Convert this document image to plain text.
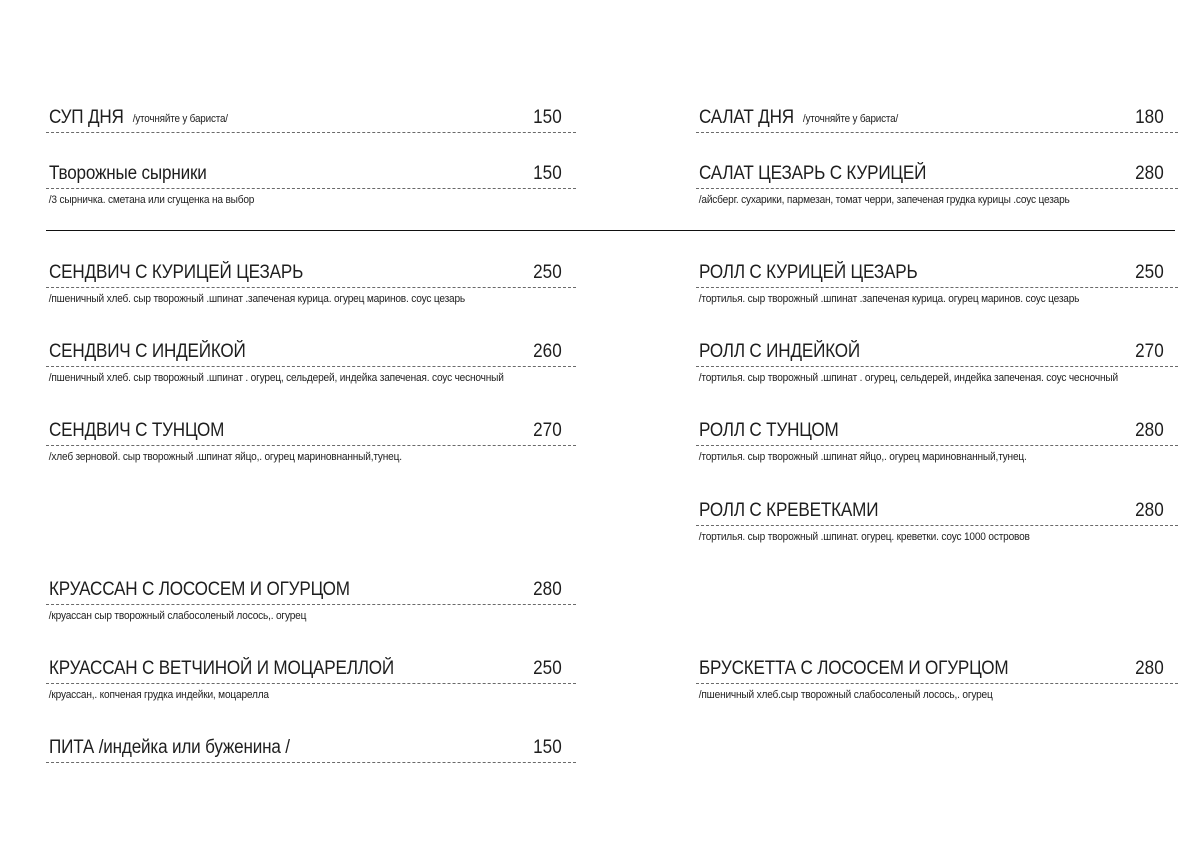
СУП ДНЯ /уточняйте у бариста/	150
Творожные сырники	150
/3 сырничка. сметана или сгущенка на выбор
СЕНДВИЧ С КУРИЦЕЙ ЦЕЗАРЬ	250
/пшеничный хлеб. сыр творожный .шпинат .запеченая курица. огурец маринов. соус цезарь
СЕНДВИЧ С ИНДЕЙКОЙ	260
/пшеничный хлеб. сыр творожный .шпинат . огурец, сельдерей, индейка запеченая. соус чесночный
СЕНДВИЧ С ТУНЦОМ	270
/хлеб зерновой. сыр творожный .шпинат яйцо,. огурец мариновнанный,тунец.
КРУАССАН С ЛОСОСЕМ И ОГУРЦОМ	280
/круассан сыр творожный слабосоленый лосось,. огурец
КРУАССАН С ВЕТЧИНОЙ И МОЦАРЕЛЛОЙ	250
/круассан,. копченая грудка индейки, моцарелла
ПИТА /индейка или буженина /	150
САЛАТ ДНЯ /уточняйте у бариста/	180
САЛАТ ЦЕЗАРЬ С КУРИЦЕЙ	280
/айсберг. сухарики, пармезан, томат черри, запеченая грудка курицы .соус цезарь
РОЛЛ С КУРИЦЕЙ ЦЕЗАРЬ	250
/тортилья. сыр творожный .шпинат .запеченая курица. огурец маринов. соус цезарь
РОЛЛ С ИНДЕЙКОЙ	270
/тортилья. сыр творожный .шпинат . огурец, сельдерей, индейка запеченая. соус чесночный
РОЛЛ С ТУНЦОМ	280
/тортилья. сыр творожный .шпинат яйцо,. огурец мариновнанный,тунец.
РОЛЛ С КРЕВЕТКАМИ	280
/тортилья. сыр творожный .шпинат. огурец. креветки. соус 1000 островов
БРУСКЕТТА С ЛОСОСЕМ И ОГУРЦОМ	280
/пшеничный хлеб.сыр творожный слабосоленый лосось,. огурец
